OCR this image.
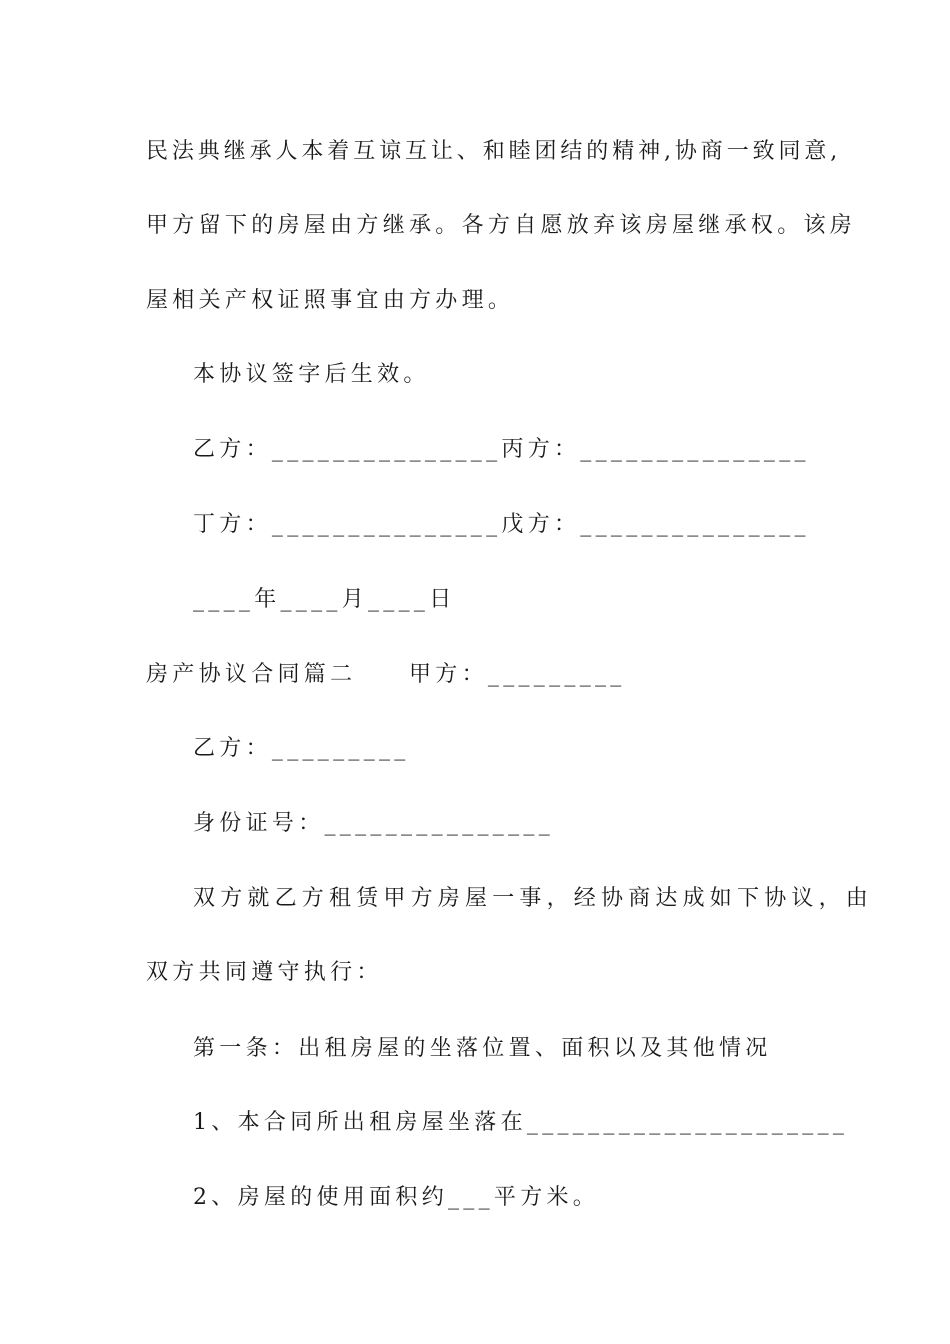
民法典继承人本着互谅互让、和睦团结的精神,协商一致同意,
甲方留下的房屋由方继承。各方自愿放弃该房屋继承权。该房
屋相关产权证照事宜由方办理。
本协议签字后生效。
乙方：_______________丙方：_______________
丁方：_______________戊方：_______________
____年____月____日
房产协议合同篇二　　甲方：_________
乙方：_________
身份证号：_______________
双方就乙方租赁甲方房屋一事，经协商达成如下协议，由
双方共同遵守执行：
第一条：出租房屋的坐落位置、面积以及其他情况
1、本合同所出租房屋坐落在_____________________
2、房屋的使用面积约___平方米。
